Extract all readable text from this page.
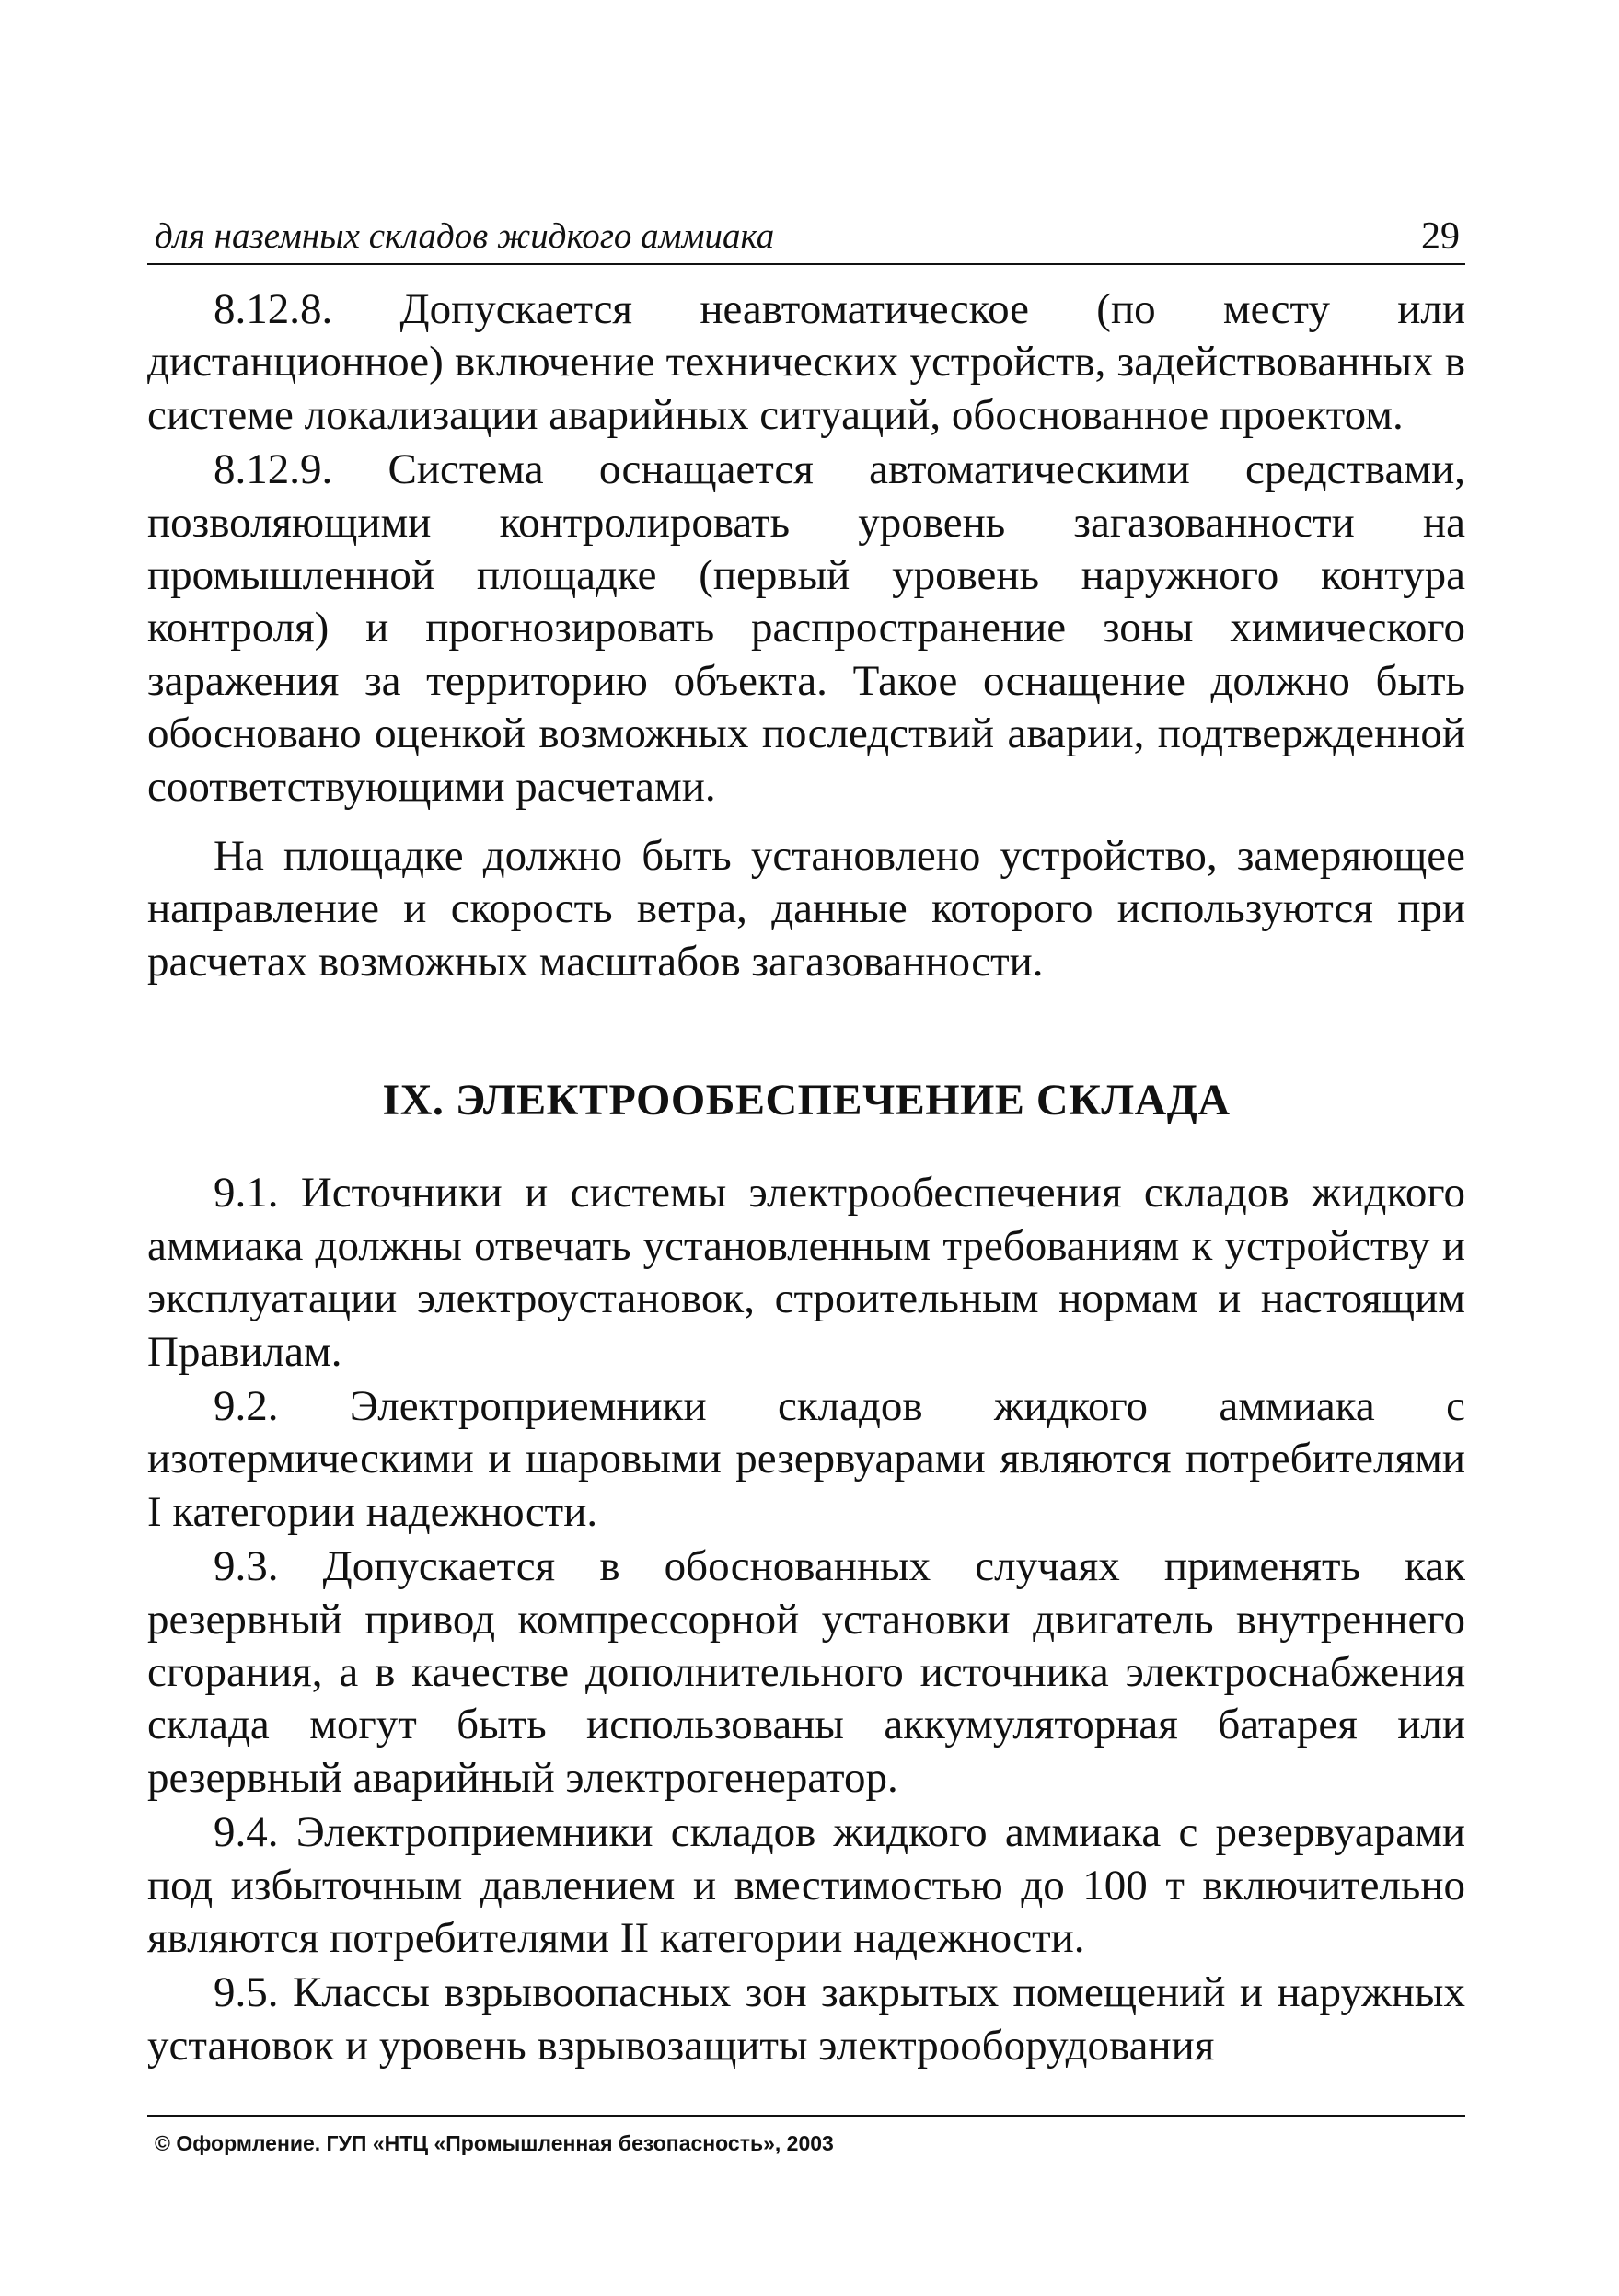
для наземных складов жидкого аммиака	29

8.12.8. Допускается неавтоматическое (по месту или дистанционное) включение технических устройств, задействованных в системе локализации аварийных ситуаций, обоснованное проектом.

8.12.9. Система оснащается автоматическими средствами, позволяющими контролировать уровень загазованности на промышленной площадке (первый уровень наружного контура контроля) и прогнозировать распространение зоны химического заражения за территорию объекта. Такое оснащение должно быть обосновано оценкой возможных последствий аварии, подтвержденной соответствующими расчетами.

На площадке должно быть установлено устройство, замеряющее направление и скорость ветра, данные которого используются при расчетах возможных масштабов загазованности.

IX. ЭЛЕКТРООБЕСПЕЧЕНИЕ СКЛАДА

9.1. Источники и системы электрообеспечения складов жидкого аммиака должны отвечать установленным требованиям к устройству и эксплуатации электроустановок, строительным нормам и настоящим Правилам.

9.2. Электроприемники складов жидкого аммиака с изотермическими и шаровыми резервуарами являются потребителями I категории надежности.

9.3. Допускается в обоснованных случаях применять как резервный привод компрессорной установки двигатель внутреннего сгорания, а в качестве дополнительного источника электроснабжения склада могут быть использованы аккумуляторная батарея или резервный аварийный электрогенератор.

9.4. Электроприемники складов жидкого аммиака с резервуарами под избыточным давлением и вместимостью до 100 т включительно являются потребителями II категории надежности.

9.5. Классы взрывоопасных зон закрытых помещений и наружных установок и уровень взрывозащиты электрооборудования

© Оформление. ГУП «НТЦ «Промышленная безопасность», 2003
